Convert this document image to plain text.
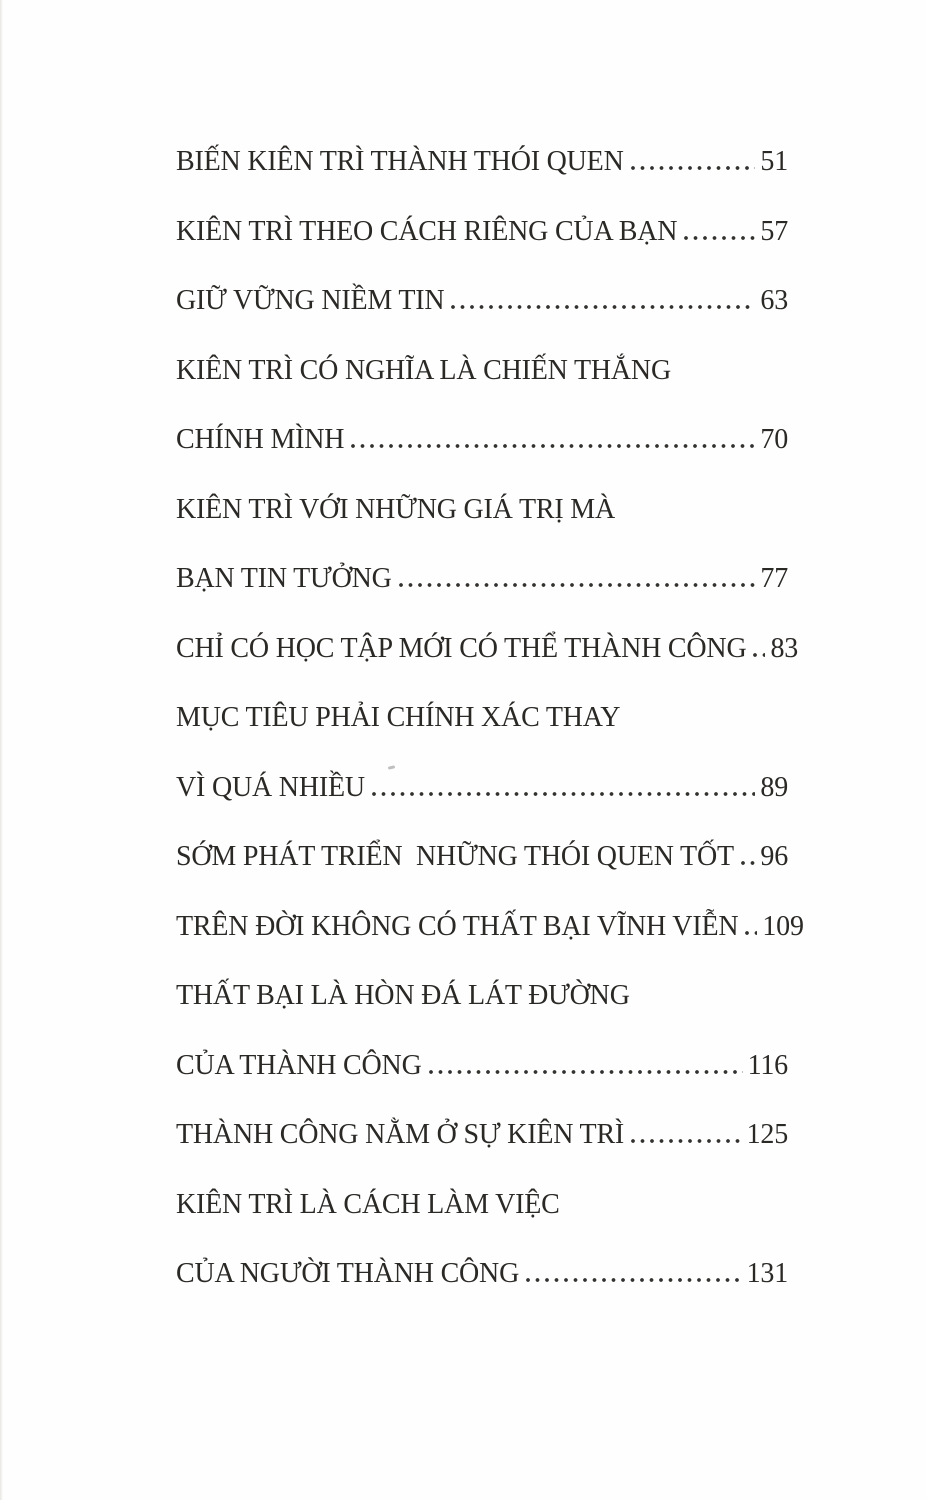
BIẾN KIÊN TRÌ THÀNH THÓI QUEN	51
KIÊN TRÌ THEO CÁCH RIÊNG CỦA BẠN	57
GIỮ VỮNG NIỀM TIN	63
KIÊN TRÌ CÓ NGHĨA LÀ CHIẾN THẮNG
CHÍNH MÌNH	70
KIÊN TRÌ VỚI NHỮNG GIÁ TRỊ MÀ
BẠN TIN TƯỞNG	77
CHỈ CÓ HỌC TẬP MỚI CÓ THỂ THÀNH CÔNG 83
MỤC TIÊU PHẢI CHÍNH XÁC THAY
VÌ QUÁ NHIỀU	89
SỚM PHÁT TRIỂN  NHỮNG THÓI QUEN TỐT 96
TRÊN ĐỜI KHÔNG CÓ THẤT BẠI VĨNH VIỄN 109
THẤT BẠI LÀ HÒN ĐÁ LÁT ĐƯỜNG
CỦA THÀNH CÔNG	116
THÀNH CÔNG NẰM Ở SỰ KIÊN TRÌ	125
KIÊN TRÌ LÀ CÁCH LÀM VIỆC
CỦA NGƯỜI THÀNH CÔNG	131
